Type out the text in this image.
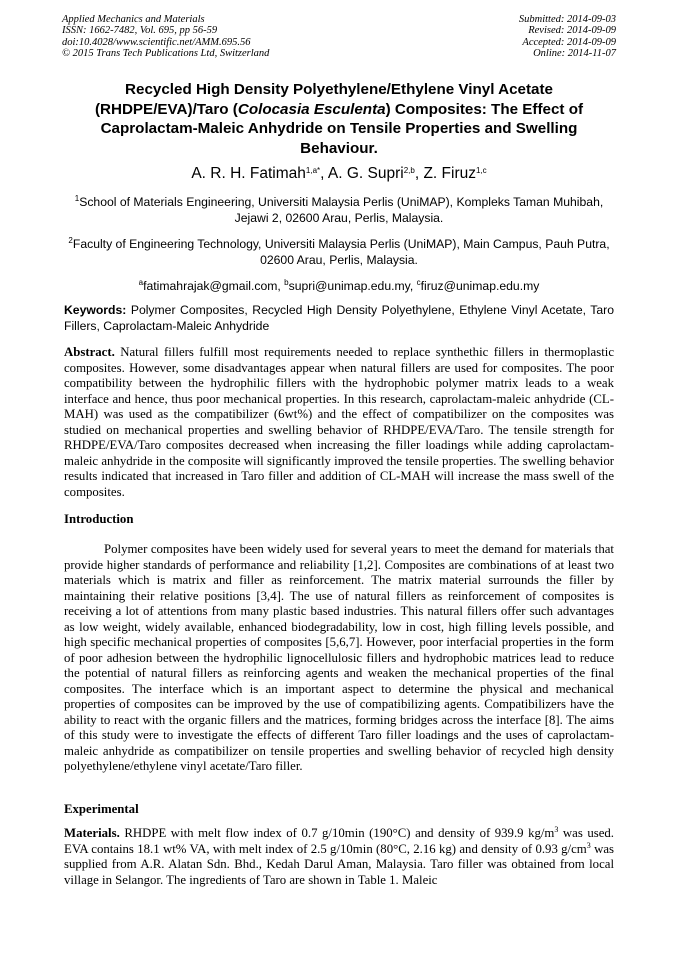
Applied Mechanics and Materials
ISSN: 1662-7482, Vol. 695, pp 56-59
doi:10.4028/www.scientific.net/AMM.695.56
© 2015 Trans Tech Publications Ltd, Switzerland
Submitted: 2014-09-03
Revised: 2014-09-09
Accepted: 2014-09-09
Online: 2014-11-07
Recycled High Density Polyethylene/Ethylene Vinyl Acetate (RHDPE/EVA)/Taro (Colocasia Esculenta) Composites: The Effect of Caprolactam-Maleic Anhydride on Tensile Properties and Swelling Behaviour.
A. R. H. Fatimah$^{1,a*}$, A. G. Supri$^{2,b}$, Z. Firuz$^{1,c}$
$^1$School of Materials Engineering, Universiti Malaysia Perlis (UniMAP), Kompleks Taman Muhibah, Jejawi 2, 02600 Arau, Perlis, Malaysia.
$^2$Faculty of Engineering Technology, Universiti Malaysia Perlis (UniMAP), Main Campus, Pauh Putra, 02600 Arau, Perlis, Malaysia.
$^a$fatimahrajak@gmail.com, $^b$supri@unimap.edu.my, $^c$firuz@unimap.edu.my
Keywords: Polymer Composites, Recycled High Density Polyethylene, Ethylene Vinyl Acetate, Taro Fillers, Caprolactam-Maleic Anhydride
Abstract. Natural fillers fulfill most requirements needed to replace synthethic fillers in thermoplastic composites. However, some disadvantages appear when natural fillers are used for composites. The poor compatibility between the hydrophilic fillers with the hydrophobic polymer matrix leads to a weak interface and hence, thus poor mechanical properties. In this research, caprolactam-maleic anhydride (CL-MAH) was used as the compatibilizer (6wt%) and the effect of compatibilizer on the composites was studied on mechanical properties and swelling behavior of RHDPE/EVA/Taro. The tensile strength for RHDPE/EVA/Taro composites decreased when increasing the filler loadings while adding caprolactam-maleic anhydride in the composite will significantly improved the tensile properties. The swelling behavior results indicated that increased in Taro filler and addition of CL-MAH will increase the mass swell of the composites.
Introduction
Polymer composites have been widely used for several years to meet the demand for materials that provide higher standards of performance and reliability [1,2]. Composites are combinations of at least two materials which is matrix and filler as reinforcement. The matrix material surrounds the filler by maintaining their relative positions [3,4]. The use of natural fillers as reinforcement of composites is receiving a lot of attentions from many plastic based industries. This natural fillers offer such advantages as low weight, widely available, enhanced biodegradability, low in cost, high filling levels possible, and high specific mechanical properties of composites [5,6,7]. However, poor interfacial properties in the form of poor adhesion between the hydrophilic lignocellulosic fillers and hydrophobic matrices lead to reduce the potential of natural fillers as reinforcing agents and weaken the mechanical properties of the final composites. The interface which is an important aspect to determine the physical and mechanical properties of composites can be improved by the use of compatibilizing agents. Compatibilizers have the ability to react with the organic fillers and the matrices, forming bridges across the interface [8]. The aims of this study were to investigate the effects of different Taro filler loadings and the uses of caprolactam-maleic anhydride as compatibilizer on tensile properties and swelling behavior of recycled high density polyethylene/ethylene vinyl acetate/Taro filler.
Experimental
Materials. RHDPE with melt flow index of 0.7 g/10min (190°C) and density of 939.9 $kg/m^3$ was used. EVA contains 18.1 wt% VA, with melt index of 2.5 g/10min (80°C, 2.16 kg) and density of 0.93 $g/cm^3$ was supplied from A.R. Alatan Sdn. Bhd., Kedah Darul Aman, Malaysia. Taro filler was obtained from local village in Selangor. The ingredients of Taro are shown in Table 1. Maleic
